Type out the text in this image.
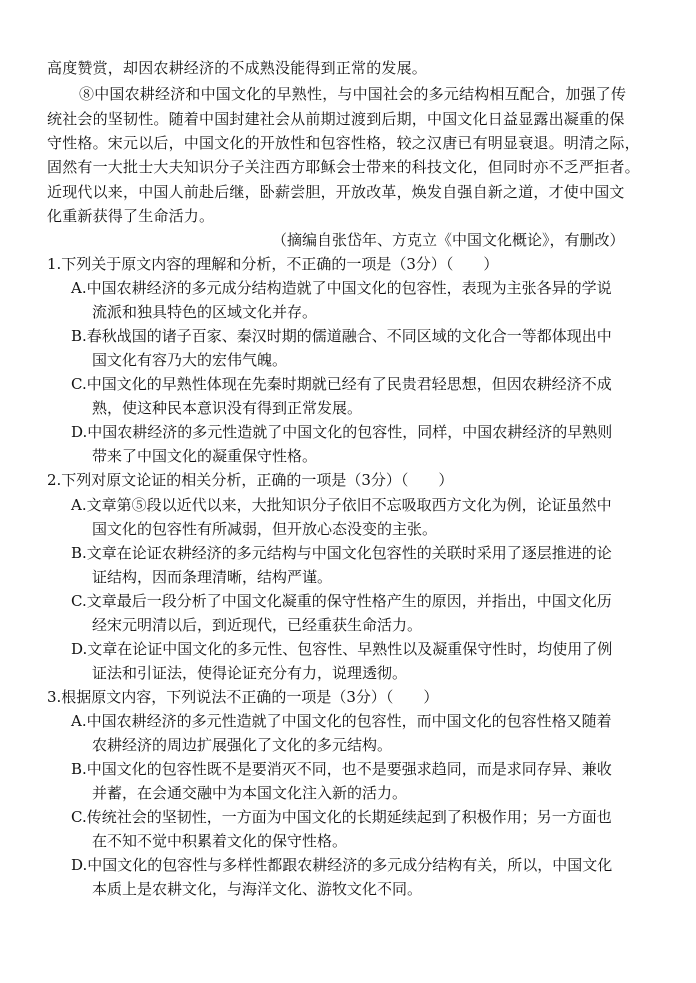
高度赞赏，却因农耕经济的不成熟没能得到正常的发展。
⑧中国农耕经济和中国文化的早熟性，与中国社会的多元结构相互配合，加强了传
统社会的坚韧性。随着中国封建社会从前期过渡到后期，中国文化日益显露出凝重的保
守性格。宋元以后，中国文化的开放性和包容性格，较之汉唐已有明显衰退。明清之际，
固然有一大批士大夫知识分子关注西方耶稣会士带来的科技文化，但同时亦不乏严拒者。
近现代以来，中国人前赴后继，卧薪尝胆，开放改革，焕发自强自新之道，才使中国文
化重新获得了生命活力。
（摘编自张岱年、方克立《中国文化概论》，有删改）
1.下列关于原文内容的理解和分析，不正确的一项是（3分）（　　）
A.中国农耕经济的多元成分结构造就了中国文化的包容性，表现为主张各异的学说
流派和独具特色的区域文化并存。
B.春秋战国的诸子百家、秦汉时期的儒道融合、不同区域的文化合一等都体现出中
国文化有容乃大的宏伟气魄。
C.中国文化的早熟性体现在先秦时期就已经有了民贵君轻思想，但因农耕经济不成
熟，使这种民本意识没有得到正常发展。
D.中国农耕经济的多元性造就了中国文化的包容性，同样，中国农耕经济的早熟则
带来了中国文化的凝重保守性格。
2.下列对原文论证的相关分析，正确的一项是（3分）（　　）
A.文章第⑤段以近代以来，大批知识分子依旧不忘吸取西方文化为例，论证虽然中
国文化的包容性有所减弱，但开放心态没变的主张。
B.文章在论证农耕经济的多元结构与中国文化包容性的关联时采用了逐层推进的论
证结构，因而条理清晰，结构严谨。
C.文章最后一段分析了中国文化凝重的保守性格产生的原因，并指出，中国文化历
经宋元明清以后，到近现代，已经重获生命活力。
D.文章在论证中国文化的多元性、包容性、早熟性以及凝重保守性时，均使用了例
证法和引证法，使得论证充分有力，说理透彻。
3.根据原文内容，下列说法不正确的一项是（3分）（　　）
A.中国农耕经济的多元性造就了中国文化的包容性，而中国文化的包容性格又随着
农耕经济的周边扩展强化了文化的多元结构。
B.中国文化的包容性既不是要消灭不同，也不是要强求趋同，而是求同存异、兼收
并蓄，在会通交融中为本国文化注入新的活力。
C.传统社会的坚韧性，一方面为中国文化的长期延续起到了积极作用；另一方面也
在不知不觉中积累着文化的保守性格。
D.中国文化的包容性与多样性都跟农耕经济的多元成分结构有关，所以，中国文化
本质上是农耕文化，与海洋文化、游牧文化不同。
